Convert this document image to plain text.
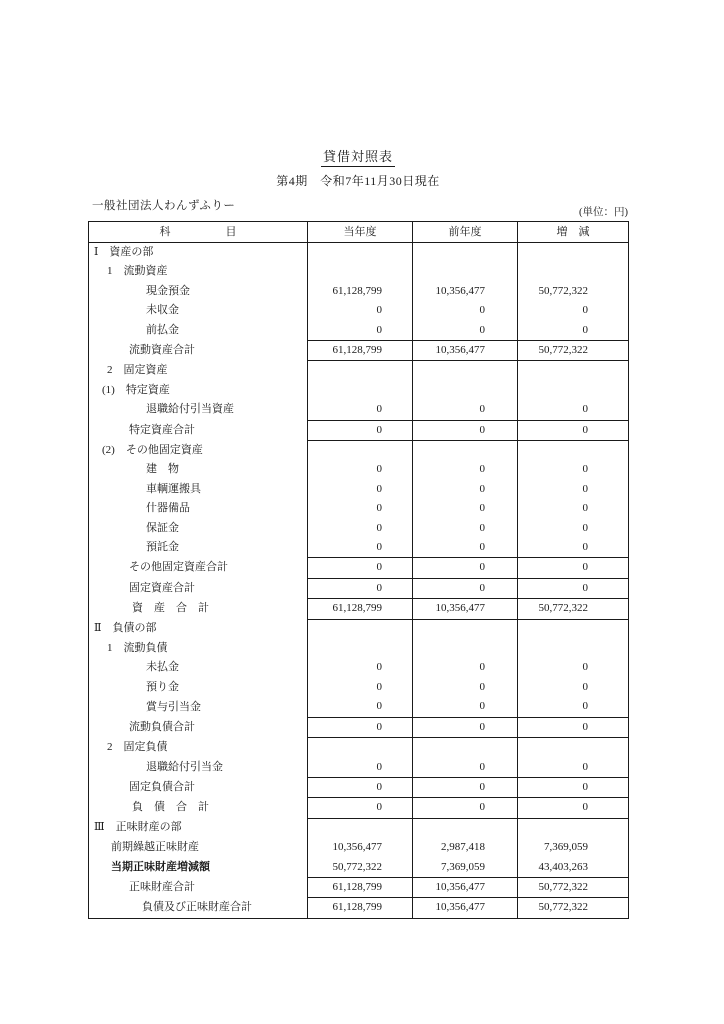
貸借対照表
第4期　令和7年11月30日現在
一般社団法人わんずふりー
(単位：円)
科　　　　　目	当年度	前年度	増　減
Ⅰ　資産の部			
1　流動資産			
現金預金	61,128,799	10,356,477	50,772,322
未収金	0	0	0
前払金	0	0	0
流動資産合計	61,128,799	10,356,477	50,772,322
2　固定資産			
(1)　特定資産			
退職給付引当資産	0	0	0
特定資産合計	0	0	0
(2)　その他固定資産			
建　物	0	0	0
車輌運搬具	0	0	0
什器備品	0	0	0
保証金	0	0	0
預託金	0	0	0
その他固定資産合計	0	0	0
固定資産合計	0	0	0
資　産　合　計	61,128,799	10,356,477	50,772,322
Ⅱ　負債の部			
1　流動負債			
未払金	0	0	0
預り金	0	0	0
賞与引当金	0	0	0
流動負債合計	0	0	0
2　固定負債			
退職給付引当金	0	0	0
固定負債合計	0	0	0
負　債　合　計	0	0	0
Ⅲ　正味財産の部			
前期繰越正味財産	10,356,477	2,987,418	7,369,059
当期正味財産増減額	50,772,322	7,369,059	43,403,263
正味財産合計	61,128,799	10,356,477	50,772,322
負債及び正味財産合計	61,128,799	10,356,477	50,772,322
